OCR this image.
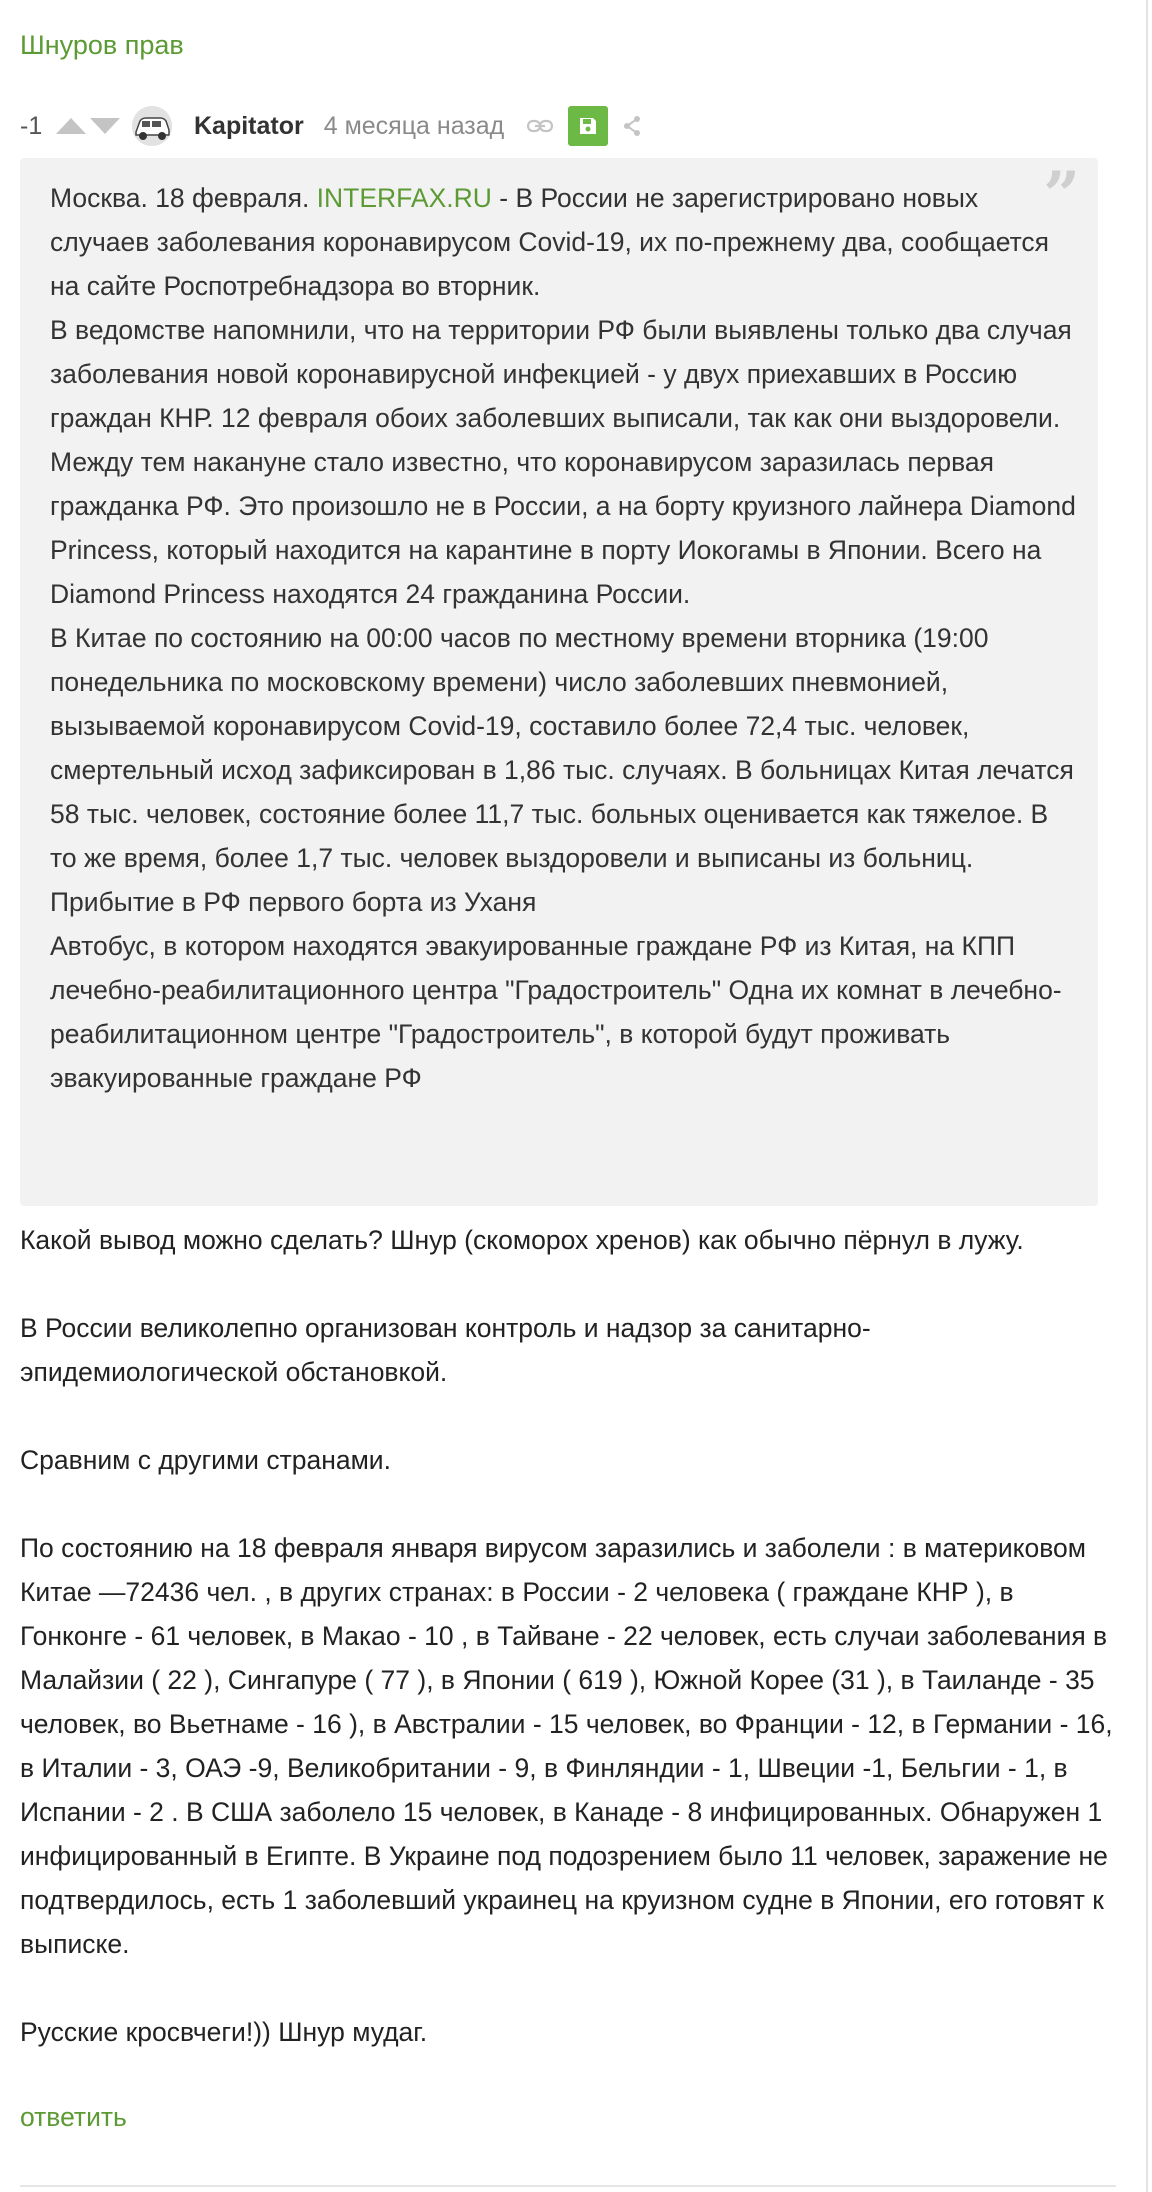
Шнуров прав
-1	Kapitator 4 месяца назад
”

Москва. 18 февраля. INTERFAX.RU - В России не зарегистрировано новых случаев заболевания коронавирусом Covid-19, их по-прежнему два, сообщается на сайте Роспотребнадзора во вторник.

В ведомстве напомнили, что на территории РФ были выявлены только два случая заболевания новой коронавирусной инфекцией - у двух приехавших в Россию граждан КНР. 12 февраля обоих заболевших выписали, так как они выздоровели.

Между тем накануне стало известно, что коронавирусом заразилась первая гражданка РФ. Это произошло не в России, а на борту круизного лайнера Diamond Princess, который находится на карантине в порту Иокогамы в Японии. Всего на Diamond Princess находятся 24 гражданина России.

В Китае по состоянию на 00:00 часов по местному времени вторника (19:00 понедельника по московскому времени) число заболевших пневмонией, вызываемой коронавирусом Covid-19, составило более 72,4 тыс. человек, смертельный исход зафиксирован в 1,86 тыс. случаях. В больницах Китая лечатся 58 тыс. человек, состояние более 11,7 тыс. больных оценивается как тяжелое. В то же время, более 1,7 тыс. человек выздоровели и выписаны из больниц.

Прибытие в РФ первого борта из Уханя

Автобус, в котором находятся эвакуированные граждане РФ из Китая, на КПП лечебно-реабилитационного центра "Градостроитель" Одна их комнат в лечебно-реабилитационном центре "Градостроитель", в которой будут проживать эвакуированные граждане РФ

Какой вывод можно сделать? Шнур (скоморох хренов) как обычно пёрнул в лужу.

В России великолепно организован контроль и надзор за санитарно-эпидемиологической обстановкой.

Сравним с другими странами.

По состоянию на 18 февраля января вирусом заразились и заболели : в материковом Китае —72436 чел. , в других странах: в России - 2 человека ( граждане КНР ), в Гонконге - 61 человек, в Макао - 10 , в Тайване - 22 человек, есть случаи заболевания в Малайзии ( 22 ), Сингапуре ( 77 ), в Японии ( 619 ), Южной Корее (31 ), в Таиланде - 35 человек, во Вьетнаме - 16 ), в Австралии - 15 человек, во Франции - 12, в Германии - 16, в Италии - 3, ОАЭ -9, Великобритании - 9, в Финляндии - 1, Швеции -1, Бельгии - 1, в Испании - 2 . В США заболело 15 человек, в Канаде - 8 инфицированных. Обнаружен 1 инфицированный в Египте. В Украине под подозрением было 11 человек, заражение не подтвердилось, есть 1 заболевший украинец на круизном судне в Японии, его готовят к выписке.

Русские кросвчеги!)) Шнур мудаг.

ответить
